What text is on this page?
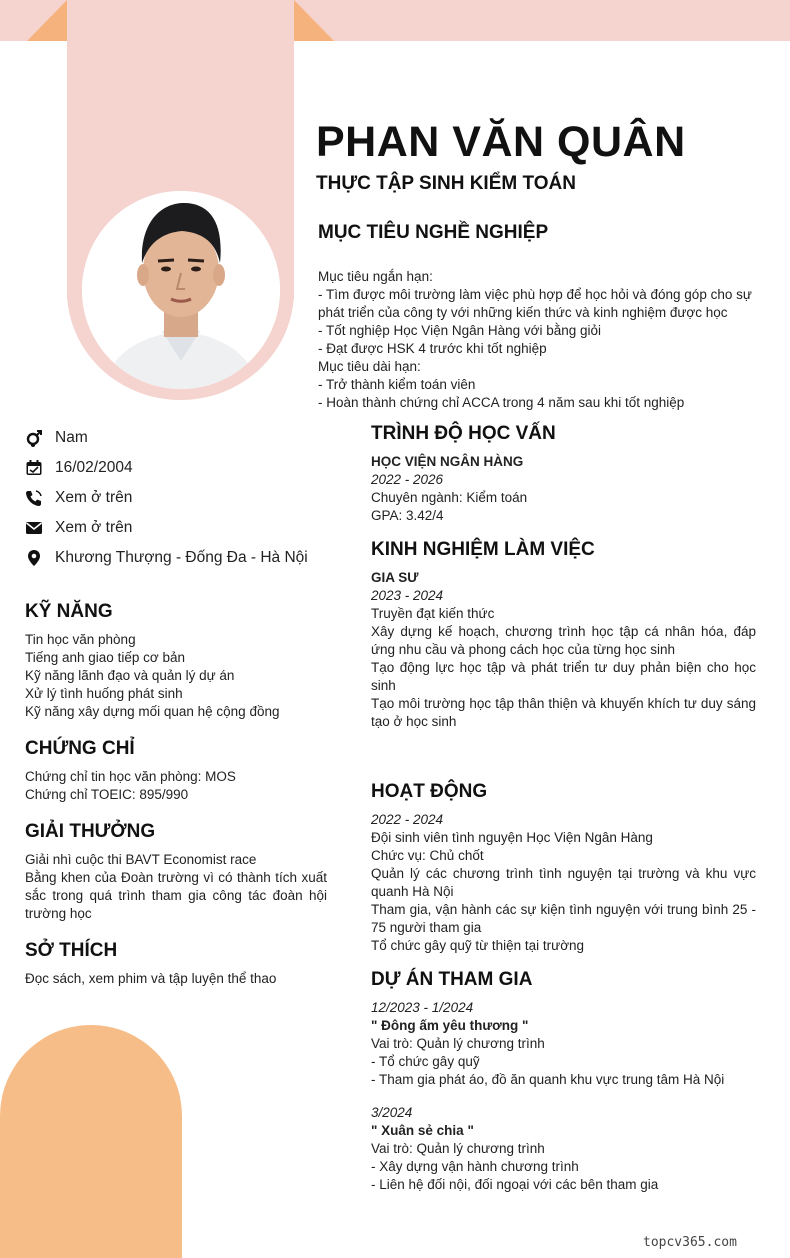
PHAN VĂN QUÂN
THỰC TẬP SINH KIỂM TOÁN
MỤC TIÊU NGHỀ NGHIỆP
Mục tiêu ngắn hạn:
- Tìm được môi trường làm việc phù hợp để học hỏi và đóng góp cho sự phát triển của công ty với những kiến thức và kinh nghiệm được học
- Tốt nghiệp Học Viện Ngân Hàng với bằng giỏi
- Đạt được HSK 4 trước khi tốt nghiệp
Mục tiêu dài hạn:
- Trở thành kiểm toán viên
- Hoàn thành chứng chỉ ACCA trong 4 năm sau khi tốt nghiệp
Nam
16/02/2004
Xem ở trên
Xem ở trên
Khương Thượng - Đống Đa - Hà Nội
KỸ NĂNG
Tin học văn phòng
Tiếng anh giao tiếp cơ bản
Kỹ năng lãnh đạo và quản lý dự án
Xử lý tình huống phát sinh
Kỹ năng xây dựng mối quan hệ cộng đồng
CHỨNG CHỈ
Chứng chỉ tin học văn phòng: MOS
Chứng chỉ TOEIC: 895/990
GIẢI THƯỞNG
Giải nhì cuộc thi BAVT Economist race
Bằng khen của Đoàn trường vì có thành tích xuất sắc trong quá trình tham gia công tác đoàn hội trường học
SỞ THÍCH
Đọc sách, xem phim và tập luyện thể thao
TRÌNH ĐỘ HỌC VẤN
HỌC VIỆN NGÂN HÀNG
2022 - 2026
Chuyên ngành: Kiểm toán
GPA: 3.42/4
KINH NGHIỆM LÀM VIỆC
GIA SƯ
2023 - 2024
Truyền đạt kiến thức
Xây dựng kế hoạch, chương trình học tập cá nhân hóa, đáp ứng nhu cầu và phong cách học của từng học sinh
Tạo động lực học tập và phát triển tư duy phản biện cho học sinh
Tạo môi trường học tập thân thiện và khuyến khích tư duy sáng tạo ở học sinh
HOẠT ĐỘNG
2022 - 2024
Đội sinh viên tình nguyện Học Viện Ngân Hàng
Chức vụ: Chủ chốt
Quản lý các chương trình tình nguyện tại trường và khu vực quanh Hà Nội
Tham gia, vận hành các sự kiện tình nguyện với trung bình 25 - 75 người tham gia
Tổ chức gây quỹ từ thiện tại trường
DỰ ÁN THAM GIA
12/2023 - 1/2024
" Đông ấm yêu thương "
Vai trò: Quản lý chương trình
- Tổ chức gây quỹ
- Tham gia phát áo, đồ ăn quanh khu vực trung tâm Hà Nội
3/2024
" Xuân sẻ chia "
Vai trò: Quản lý chương trình
- Xây dựng vận hành chương trình
- Liên hệ đối nội, đối ngoại với các bên tham gia
topcv365.com
